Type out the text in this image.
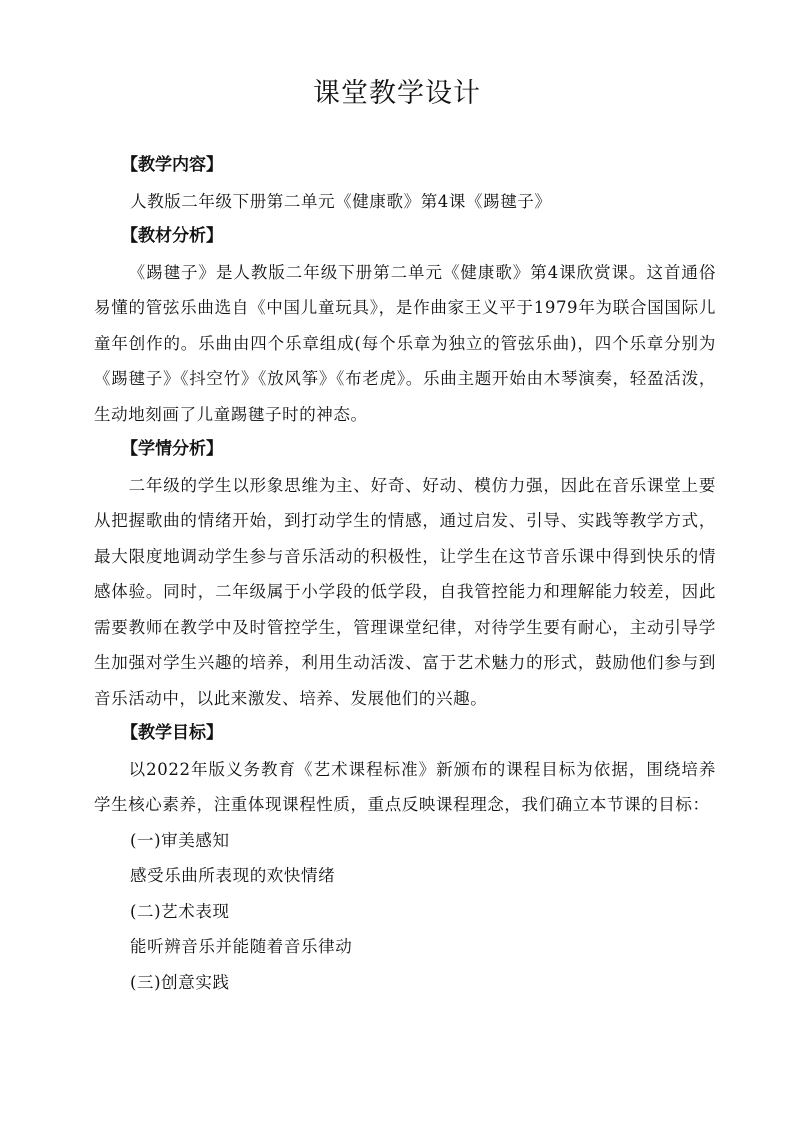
课堂教学设计

【教学内容】

人教版二年级下册第二单元《健康歌》第4课《踢毽子》

【教材分析】

《踢毽子》是人教版二年级下册第二单元《健康歌》第4课欣赏课。这首通俗易懂的管弦乐曲选自《中国儿童玩具》，是作曲家王义平于1979年为联合国国际儿童年创作的。乐曲由四个乐章组成(每个乐章为独立的管弦乐曲)，四个乐章分别为《踢毽子》《抖空竹》《放风筝》《布老虎》。乐曲主题开始由木琴演奏，轻盈活泼，生动地刻画了儿童踢毽子时的神态。

【学情分析】

二年级的学生以形象思维为主、好奇、好动、模仿力强，因此在音乐课堂上要从把握歌曲的情绪开始，到打动学生的情感，通过启发、引导、实践等教学方式，最大限度地调动学生参与音乐活动的积极性，让学生在这节音乐课中得到快乐的情感体验。同时，二年级属于小学段的低学段，自我管控能力和理解能力较差，因此需要教师在教学中及时管控学生，管理课堂纪律，对待学生要有耐心，主动引导学生加强对学生兴趣的培养，利用生动活泼、富于艺术魅力的形式，鼓励他们参与到音乐活动中，以此来激发、培养、发展他们的兴趣。

【教学目标】

以2022年版义务教育《艺术课程标准》新颁布的课程目标为依据，围绕培养学生核心素养，注重体现课程性质，重点反映课程理念，我们确立本节课的目标：

(一)审美感知

感受乐曲所表现的欢快情绪

(二)艺术表现

能听辨音乐并能随着音乐律动

(三)创意实践
